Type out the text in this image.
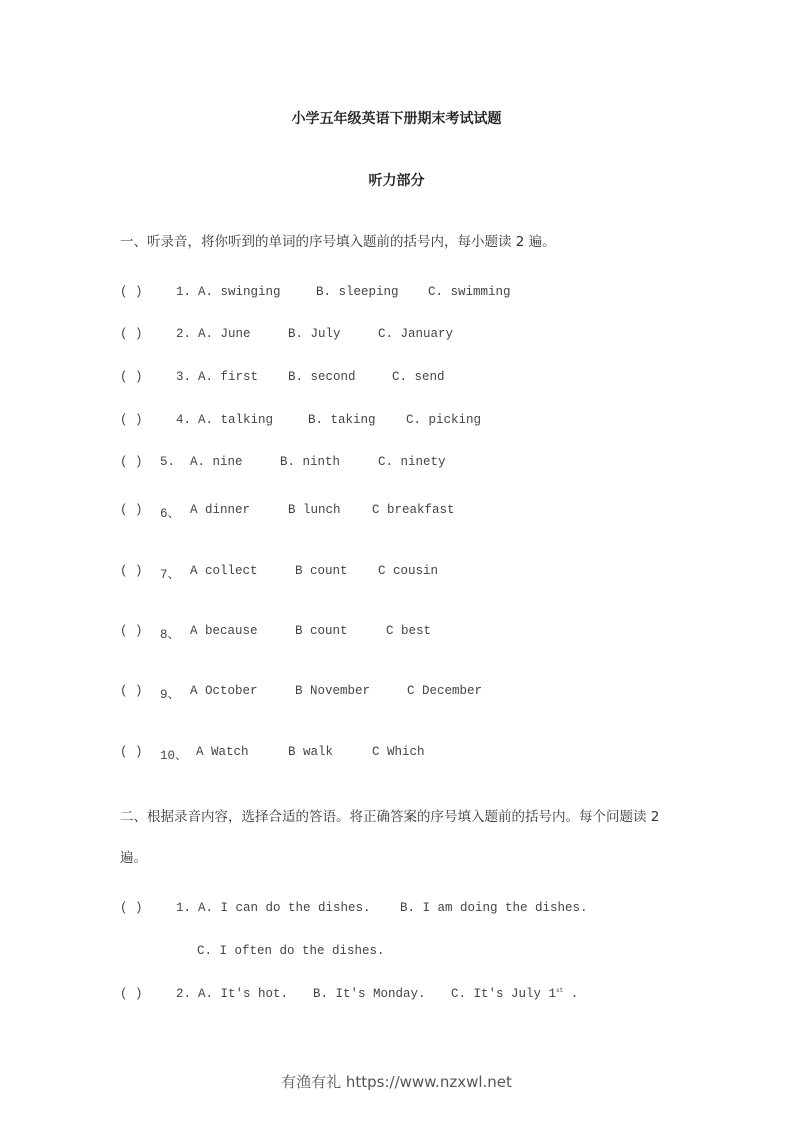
小学五年级英语下册期末考试试题
听力部分
一、听录音，将你听到的单词的序号填入题前的括号内，每小题读 2 遍。
( )	1. A. swinging	B. sleeping C. swimming
( )	2. A. June	B. July	C. January
( )	3. A. first B. second	C. send
( )	4. A. talking	B. taking C. picking
( ) 5. A. nine	B. ninth	C. ninety
( ) 6、 A dinner	B lunch	C breakfast
( ) 7、 A collect	B count C cousin
( ) 8、 A because	B count	C best
( ) 9、 A October	B November	C December
( ) 10、 A Watch	B walk	C Which
二、根据录音内容，选择合适的答语。将正确答案的序号填入题前的括号内。每个问题读 2
遍。
( )	1. A. I can do the dishes. B. I am doing the dishes.
C. I often do the dishes.
( )	2. A. It's hot. B. It's Monday. C. It's July 1st .
有渔有礼 https://www.nzxwl.net
